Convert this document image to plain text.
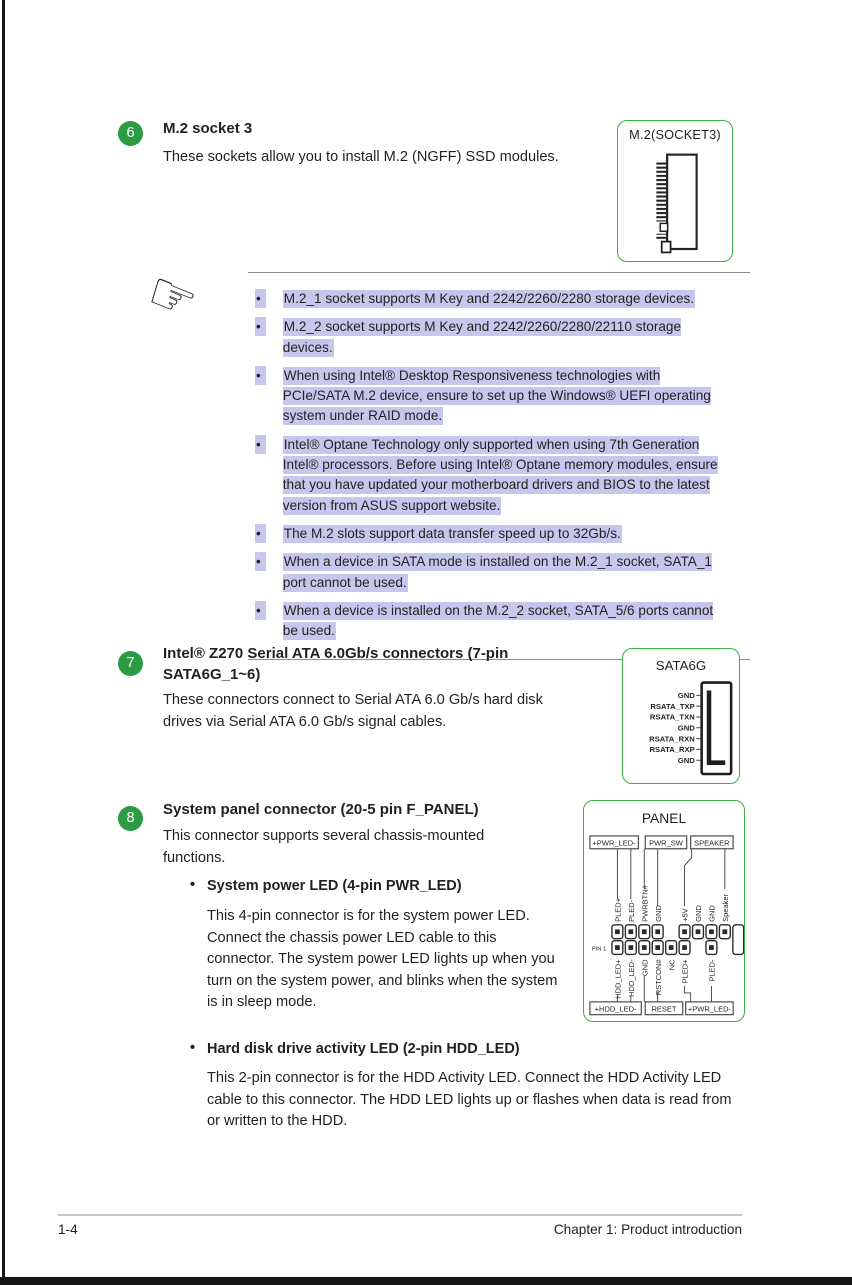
6 M.2 socket 3
These sockets allow you to install M.2 (NGFF) SSD modules.
M.2(SOCKET3)
☞ •	M.2_1 socket supports M Key and 2242/2260/2280 storage devices.
•
M.2_2 socket supports M Key and 2242/2260/2280/22110 storage devices.
•
When using Intel® Desktop Responsiveness technologies with PCIe/SATA M.2 device, ensure to set up the Windows® UEFI operating system under RAID mode.
•
Intel® Optane Technology only supported when using 7th Generation Intel® processors. Before using Intel® Optane memory modules, ensure that you have updated your motherboard drivers and BIOS to the latest version from ASUS support website.
•
The M.2 slots support data transfer speed up to 32Gb/s.
•
When a device in SATA mode is installed on the M.2_1 socket, SATA_1 port cannot be used.
•
When a device is installed on the M.2_2 socket, SATA_5/6 ports cannot be used.
7
Intel® Z270 Serial ATA 6.0Gb/s connectors (7-pin SATA6G_1~6)
These connectors connect to Serial ATA 6.0 Gb/s hard disk drives via Serial ATA 6.0 Gb/s signal cables.
SATA6G
GND
RSATA_TXP
RSATA_TXN
GND
RSATA_RXN
RSATA_RXP
GND
8
System panel connector (20-5 pin F_PANEL)
This connector supports several chassis-mounted functions.
•
System power LED (4-pin PWR_LED)
This 4-pin connector is for the system power LED. Connect the chassis power LED cable to this connector. The system power LED lights up when you turn on the system power, and blinks when the system is in sleep mode.
•
Hard disk drive activity LED (2-pin HDD_LED)
This 2-pin connector is for the HDD Activity LED. Connect the HDD Activity LED cable to this connector. The HDD LED lights up or flashes when data is read from or written to the HDD.
PANEL
+PWR_LED- PWR_SW SPEAKER
PLED+ PLED- PWRBTN# GND +5V GND GND Speaker
PIN 1
HDD_LED+ HDD_LED- GND RSTCON# NC PLED+ PLED-
+HDD_LED- RESET +PWR_LED-
1-4	Chapter 1: Product introduction
